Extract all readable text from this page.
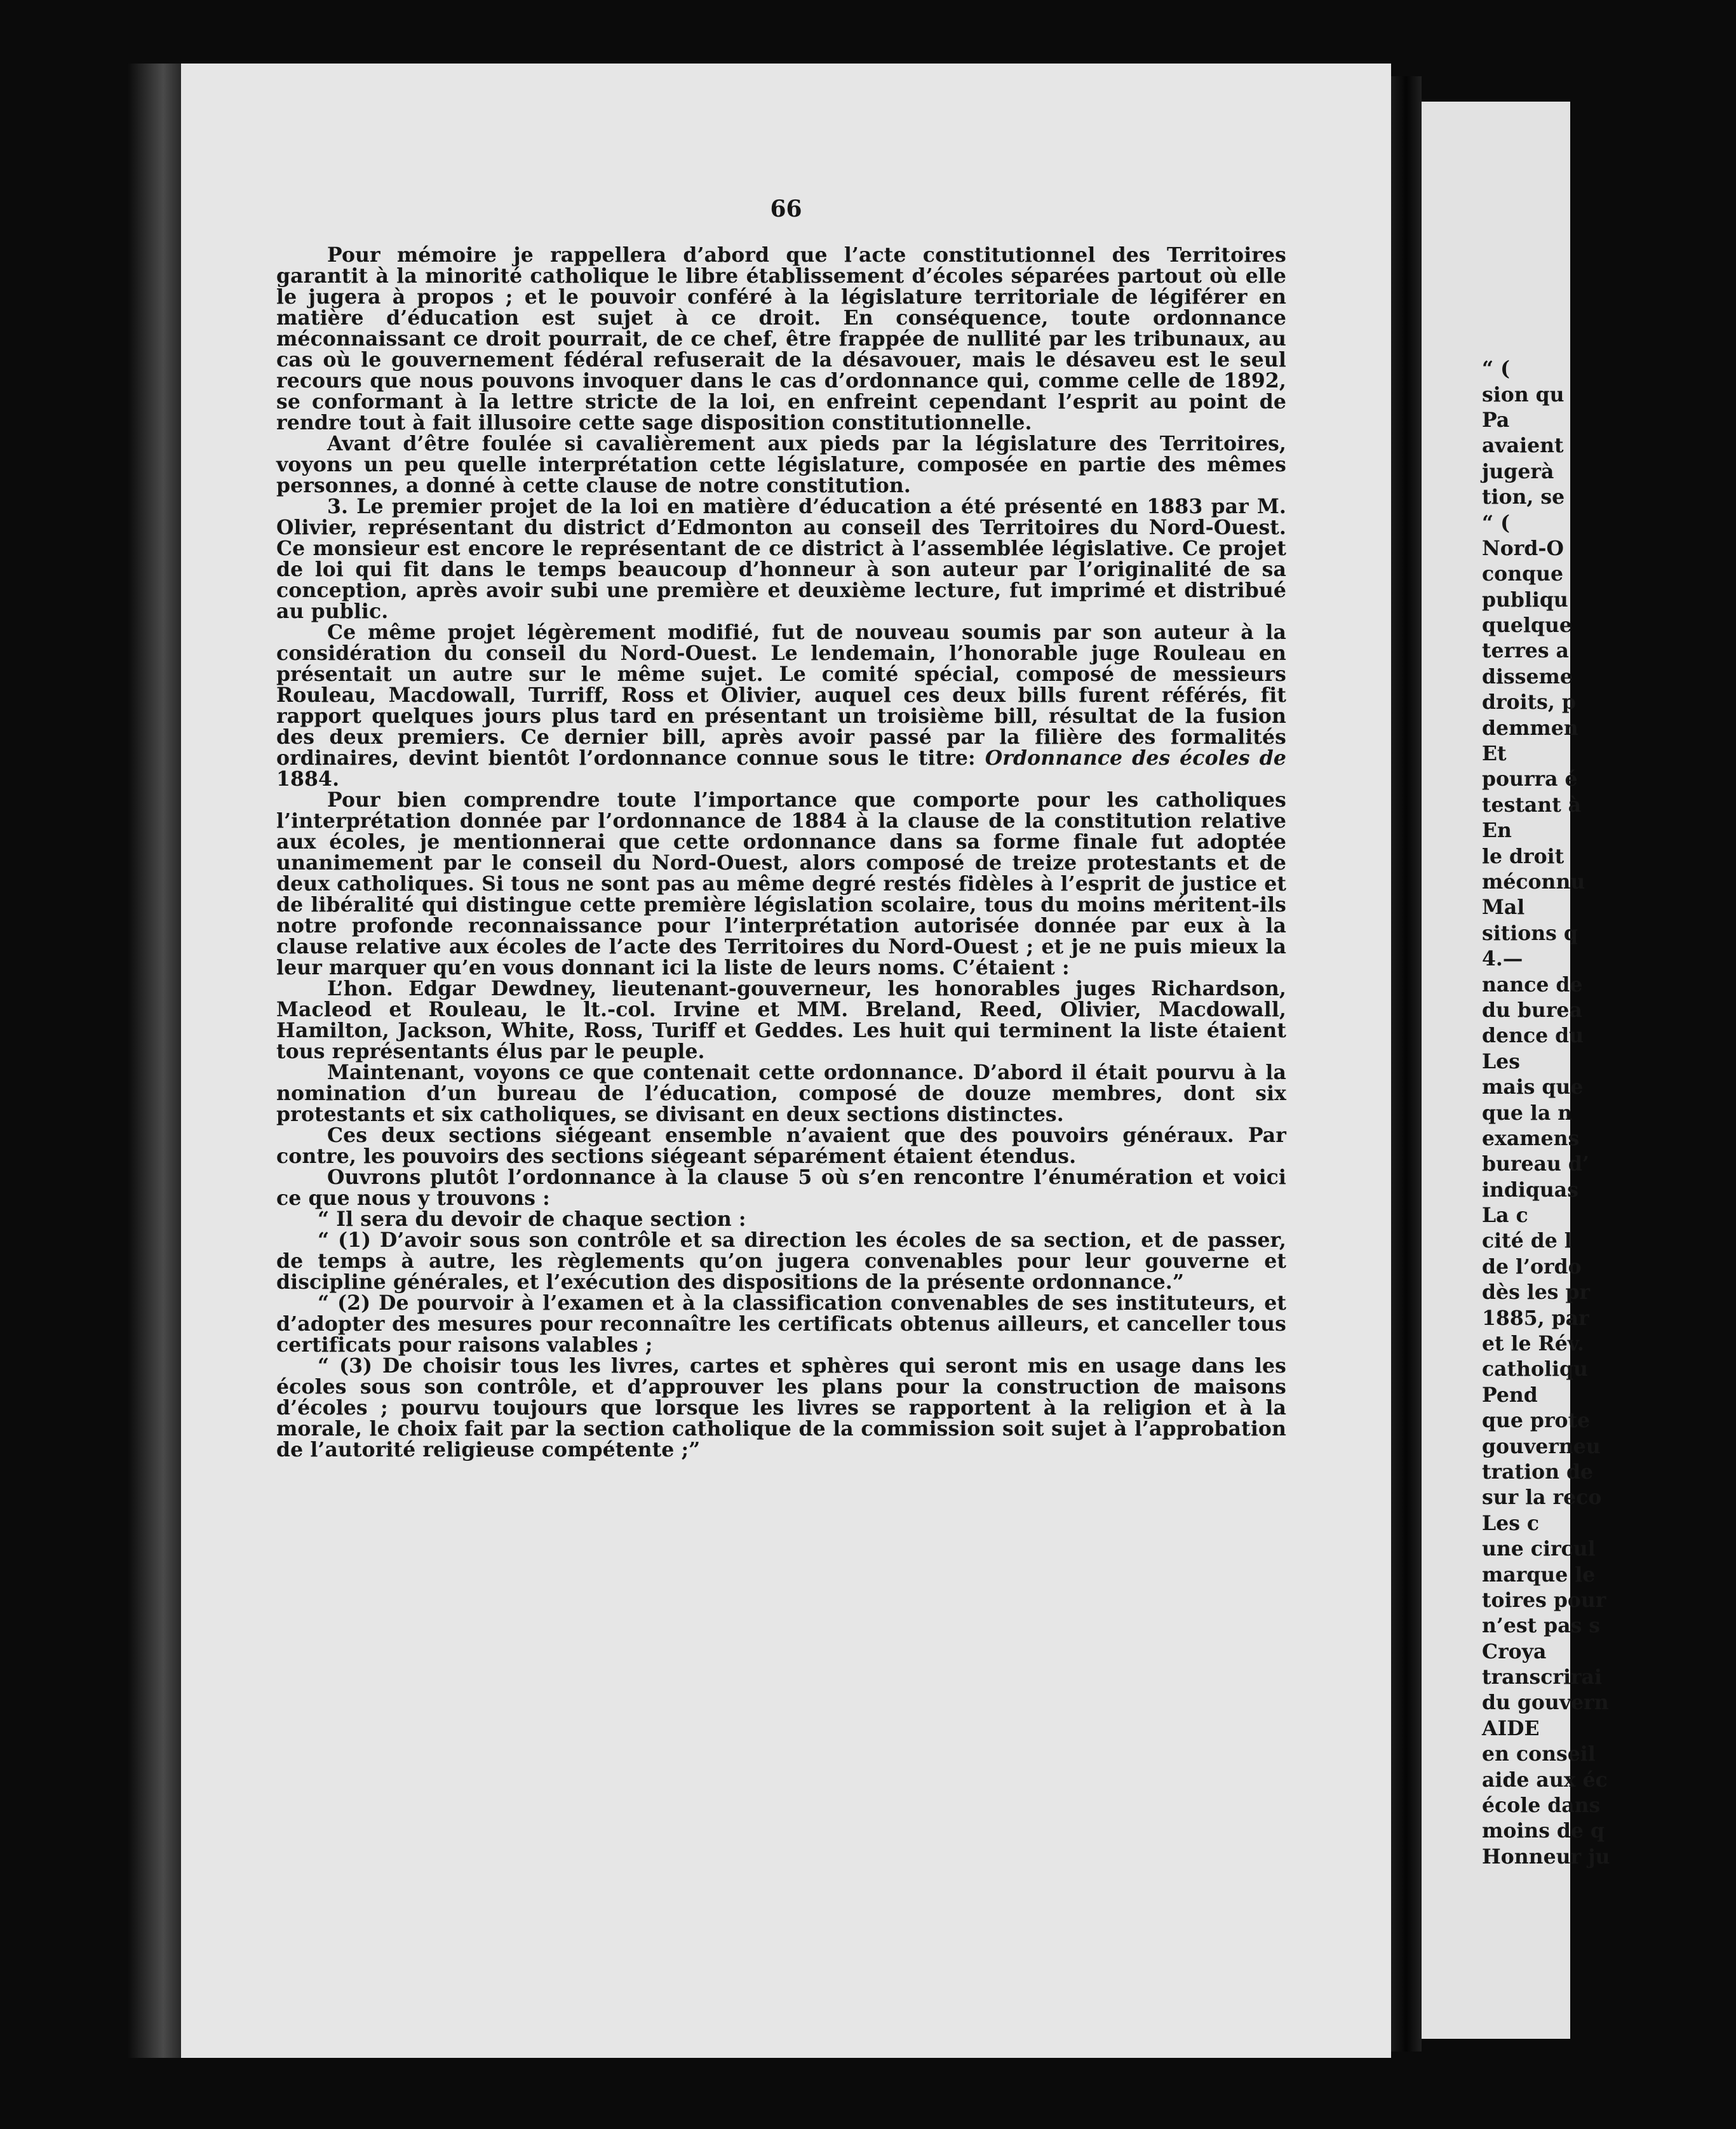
66

Pour mémoire je rappellera d’abord que l’acte constitutionnel des Territoires garantit à la minorité catholique le libre établissement d’écoles séparées partout où elle le jugera à propos ; et le pouvoir conféré à la législature territoriale de légiférer en matière d’éducation est sujet à ce droit. En conséquence, toute ordonnance méconnaissant ce droit pourrait, de ce chef, être frappée de nullité par les tribunaux, au cas où le gouvernement fédéral refuserait de la désavouer, mais le désaveu est le seul recours que nous pouvons invoquer dans le cas d’ordonnance qui, comme celle de 1892, se conformant à la lettre stricte de la loi, en enfreint cependant l’esprit au point de rendre tout à fait illusoire cette sage disposition constitutionnelle.

Avant d’être foulée si cavalièrement aux pieds par la législature des Territoires, voyons un peu quelle interprétation cette législature, composée en partie des mêmes personnes, a donné à cette clause de notre constitution.

3. Le premier projet de la loi en matière d’éducation a été présenté en 1883 par M. Olivier, représentant du district d’Edmonton au conseil des Territoires du Nord-Ouest. Ce monsieur est encore le représentant de ce district à l’assemblée législative. Ce projet de loi qui fit dans le temps beaucoup d’honneur à son auteur par l’originalité de sa conception, après avoir subi une première et deuxième lecture, fut imprimé et distribué au public.

Ce même projet légèrement modifié, fut de nouveau soumis par son auteur à la considération du conseil du Nord-Ouest. Le lendemain, l’honorable juge Rouleau en présentait un autre sur le même sujet. Le comité spécial, composé de messieurs Rouleau, Macdowall, Turriff, Ross et Olivier, auquel ces deux bills furent référés, fit rapport quelques jours plus tard en présentant un troisième bill, résultat de la fusion des deux premiers. Ce dernier bill, après avoir passé par la filière des formalités ordinaires, devint bientôt l’ordonnance connue sous le titre: Ordonnance des écoles de 1884.

Pour bien comprendre toute l’importance que comporte pour les catholiques l’interprétation donnée par l’ordonnance de 1884 à la clause de la constitution relative aux écoles, je mentionnerai que cette ordonnance dans sa forme finale fut adoptée unanimement par le conseil du Nord-Ouest, alors composé de treize protestants et de deux catholiques. Si tous ne sont pas au même degré restés fidèles à l’esprit de justice et de libéralité qui distingue cette première législation scolaire, tous du moins méritent-ils notre profonde reconnaissance pour l’interprétation autorisée donnée par eux à la clause relative aux écoles de l’acte des Territoires du Nord-Ouest ; et je ne puis mieux la leur marquer qu’en vous donnant ici la liste de leurs noms. C’étaient :

L’hon. Edgar Dewdney, lieutenant-gouverneur, les honorables juges Richardson, Macleod et Rouleau, le lt.-col. Irvine et MM. Breland, Reed, Olivier, Macdowall, Hamilton, Jackson, White, Ross, Turiff et Geddes. Les huit qui terminent la liste étaient tous représentants élus par le peuple.

Maintenant, voyons ce que contenait cette ordonnance. D’abord il était pourvu à la nomination d’un bureau de l’éducation, composé de douze membres, dont six protestants et six catholiques, se divisant en deux sections distinctes.

Ces deux sections siégeant ensemble n’avaient que des pouvoirs généraux. Par contre, les pouvoirs des sections siégeant séparément étaient étendus.

Ouvrons plutôt l’ordonnance à la clause 5 où s’en rencontre l’énumération et voici ce que nous y trouvons :

“ Il sera du devoir de chaque section :

“ (1) D’avoir sous son contrôle et sa direction les écoles de sa section, et de passer, de temps à autre, les règlements qu’on jugera convenables pour leur gouverne et discipline générales, et l’exécution des dispositions de la présente ordonnance.”

“ (2) De pourvoir à l’examen et à la classification convenables de ses instituteurs, et d’adopter des mesures pour reconnaître les certificats obtenus ailleurs, et canceller tous certificats pour raisons valables ;

“ (3) De choisir tous les livres, cartes et sphères qui seront mis en usage dans les écoles sous son contrôle, et d’approuver les plans pour la construction de maisons d’écoles ; pourvu toujours que lorsque les livres se rapportent à la religion et à la morale, le choix fait par la section catholique de la commission soit sujet à l’approbation de l’autorité religieuse compétente ;”

“ (
sion qu
Pa
avaient
jugerà
tion, se
“ (
Nord-O
conque
publiqu
quelque
terres a
disseme
droits, p
demmen
Et
pourra é
testant à
En
le droit
méconnu
Mal
sitions q
4.—
nance de
du burea
dence du
Les
mais que
que la n
examens
bureau d’
indiquas
La c
cité de l
de l’ordo
dès les pr
1885, par
et le Rév.
catholiqu
Pend
que prote
gouverneu
tration de
sur la reco
Les c
une circul
marque le
toires pour
n’est pas s
Croya
transcrirai
du gouvern
AIDE
en conseil
aide aux éc
école dans
moins de q
Honneur ju
